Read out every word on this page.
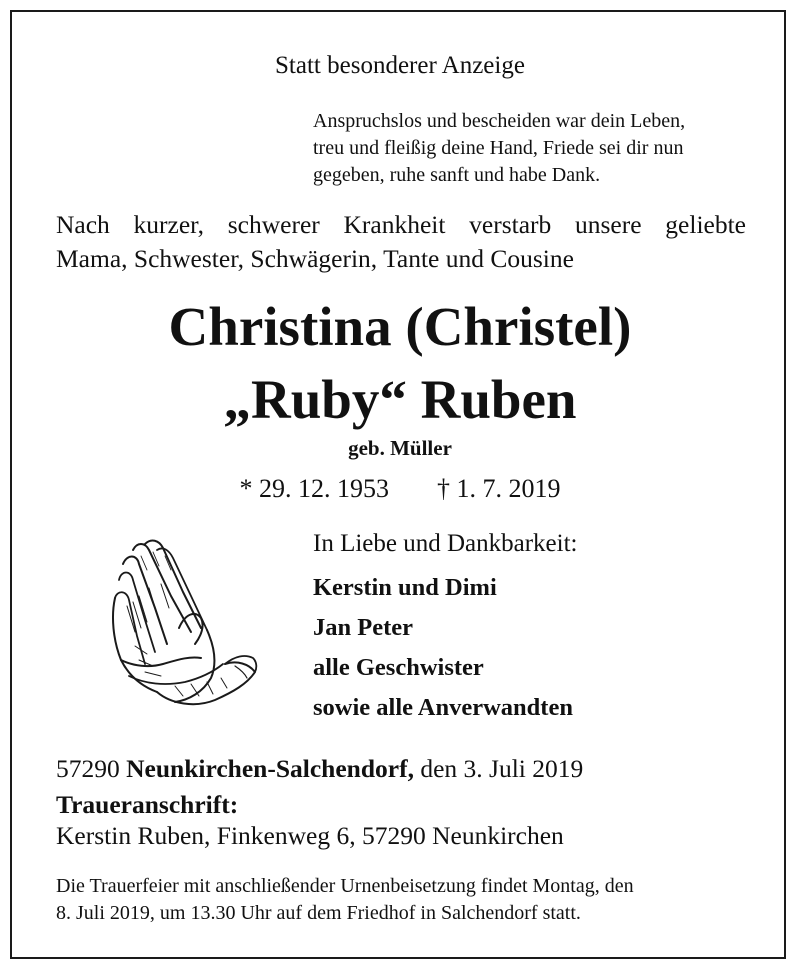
Statt besonderer Anzeige
Anspruchslos und bescheiden war dein Leben,
treu und fleißig deine Hand, Friede sei dir nun
gegeben, ruhe sanft und habe Dank.
Nach kurzer, schwerer Krankheit verstarb unsere geliebte
Mama, Schwester, Schwägerin, Tante und Cousine
Christina (Christel)
„Ruby“ Ruben
geb. Müller
* 29. 12. 1953 † 1. 7. 2019
In Liebe und Dankbarkeit:
Kerstin und Dimi
Jan Peter
alle Geschwister
sowie alle Anverwandten
57290 Neunkirchen-Salchendorf, den 3. Juli 2019
Traueranschrift:
Kerstin Ruben, Finkenweg 6, 57290 Neunkirchen
Die Trauerfeier mit anschließender Urnenbeisetzung findet Montag, den
8. Juli 2019, um 13.30 Uhr auf dem Friedhof in Salchendorf statt.
